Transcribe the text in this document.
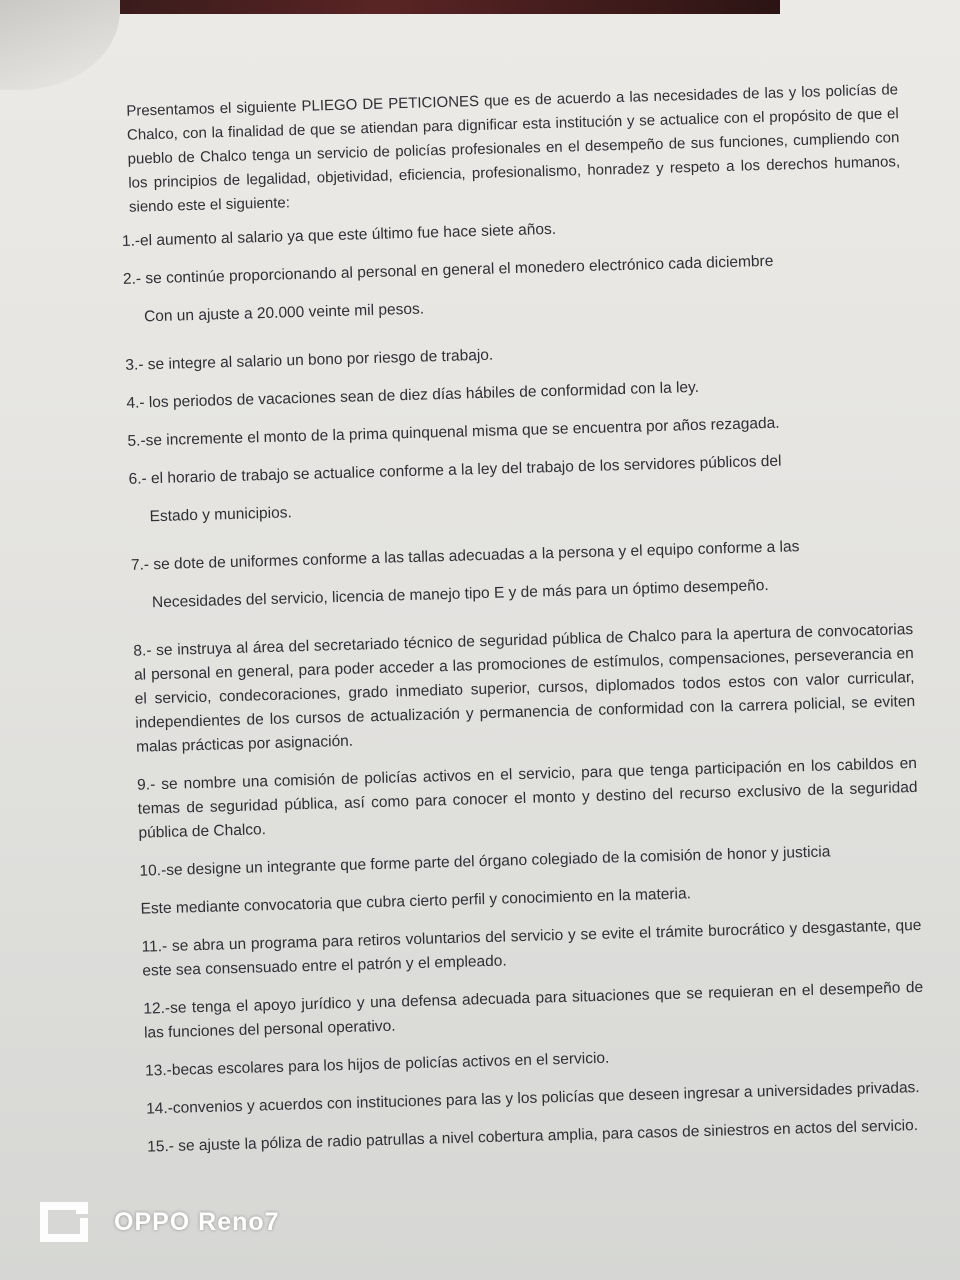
Presentamos el siguiente PLIEGO DE PETICIONES que es de acuerdo a las necesidades de las y los policías de Chalco, con la finalidad de que se atiendan para dignificar esta institución y se actualice con el propósito de que el pueblo de Chalco tenga un servicio de policías profesionales en el desempeño de sus funciones, cumpliendo con los principios de legalidad, objetividad, eficiencia, profesionalismo, honradez y respeto a los derechos humanos, siendo este el siguiente:

1.-el aumento al salario ya que este último fue hace siete años.

2.- se continúe proporcionando al personal en general el monedero electrónico cada diciembre

Con un ajuste a 20.000 veinte mil pesos.

3.- se integre al salario un bono por riesgo de trabajo.

4.- los periodos de vacaciones sean de diez días hábiles de conformidad con la ley.

5.-se incremente el monto de la prima quinquenal misma que se encuentra por años rezagada.

6.- el horario de trabajo se actualice conforme a la ley del trabajo de los servidores públicos del

Estado y municipios.

7.- se dote de uniformes conforme a las tallas adecuadas a la persona y el equipo conforme a las

Necesidades del servicio, licencia de manejo tipo E y de más para un óptimo desempeño.

8.- se instruya al área del secretariado técnico de seguridad pública de Chalco para la apertura de convocatorias al personal en general, para poder acceder a las promociones de estímulos, compensaciones, perseverancia en el servicio, condecoraciones, grado inmediato superior, cursos, diplomados todos estos con valor curricular, independientes de los cursos de actualización y permanencia de conformidad con la carrera policial, se eviten malas prácticas por asignación.

9.- se nombre una comisión de policías activos en el servicio, para que tenga participación en los cabildos en temas de seguridad pública, así como para conocer el monto y destino del recurso exclusivo de la seguridad pública de Chalco.

10.-se designe un integrante que forme parte del órgano colegiado de la comisión de honor y justicia

Este mediante convocatoria que cubra cierto perfil y conocimiento en la materia.

11.- se abra un programa para retiros voluntarios del servicio y se evite el trámite burocrático y desgastante, que este sea consensuado entre el patrón y el empleado.

12.-se tenga el apoyo jurídico y una defensa adecuada para situaciones que se requieran en el desempeño de las funciones del personal operativo.

13.-becas escolares para los hijos de policías activos en el servicio.

14.-convenios y acuerdos con instituciones para las y los policías que deseen ingresar a universidades privadas.

15.- se ajuste la póliza de radio patrullas a nivel cobertura amplia, para casos de siniestros en actos del servicio.

OPPO Reno7
